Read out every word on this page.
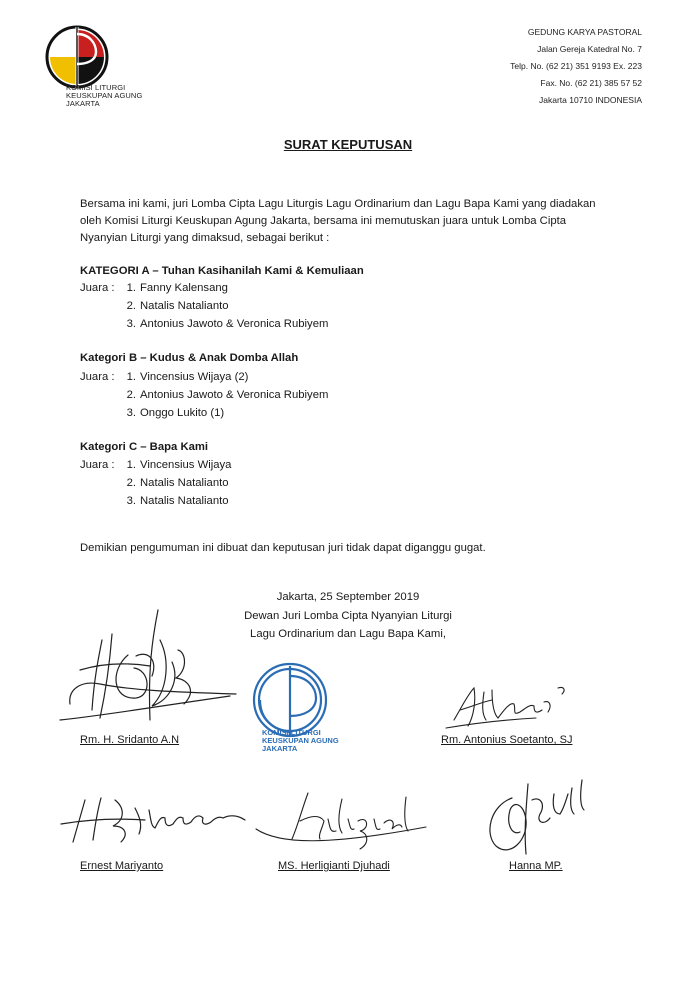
KOMISI LITURGI
KEUSKUPAN AGUNG
JAKARTA
GEDUNG KARYA PASTORAL
Jalan Gereja Katedral No. 7
Telp. No. (62 21) 351 9193 Ex. 223
Fax. No. (62 21) 385 57 52
Jakarta 10710 INDONESIA
SURAT KEPUTUSAN
Bersama ini kami, juri Lomba Cipta Lagu Liturgis Lagu Ordinarium dan Lagu Bapa Kami yang diadakan
oleh Komisi Liturgi Keuskupan Agung Jakarta, bersama ini memutuskan juara untuk Lomba Cipta
Nyanyian Liturgi yang dimaksud, sebagai berikut :
KATEGORI A – Tuhan Kasihanilah Kami & Kemuliaan
Juara :	1. Fanny Kalensang
2. Natalis Natalianto
3. Antonius Jawoto & Veronica Rubiyem
Kategori B – Kudus & Anak Domba Allah
Juara :	1. Vincensius Wijaya (2)
2. Antonius Jawoto & Veronica Rubiyem
3. Onggo Lukito (1)
Kategori C – Bapa Kami
Juara :	1. Vincensius Wijaya
2. Natalis Natalianto
3. Natalis Natalianto
Demikian pengumuman ini dibuat dan keputusan juri tidak dapat diganggu gugat.
Jakarta, 25 September 2019
Dewan Juri Lomba Cipta Nyanyian Liturgi
Lagu Ordinarium dan Lagu Bapa Kami,
KOMISI LITURGI
KEUSKUPAN AGUNG
JAKARTA
Rm. H. Sridanto A.N	Rm. Antonius Soetanto, SJ
Ernest Mariyanto	MS. Herligianti Djuhadi	Hanna MP.
